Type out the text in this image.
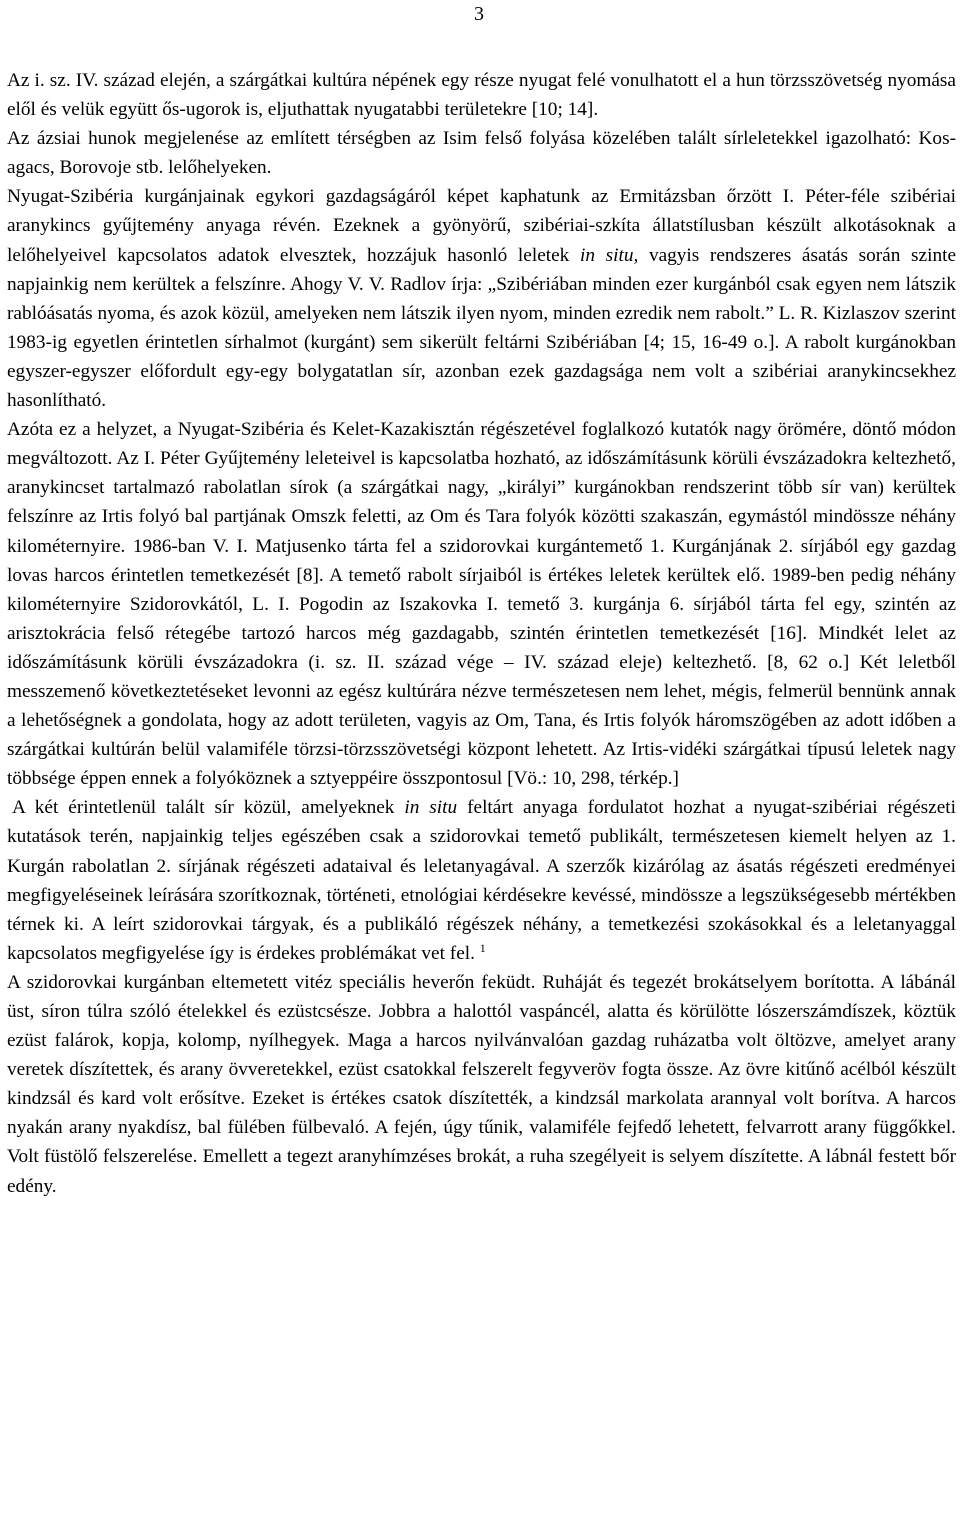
3

Az i. sz. IV. század elején, a szárgátkai kultúra népének egy része nyugat felé vonulhatott el a hun törzsszövetség nyomása elől és velük együtt ős-ugorok is, eljuthattak nyugatabbi területekre [10; 14].

Az ázsiai hunok megjelenése az említett térségben az Isim felső folyása közelében talált sírleletekkel igazolható: Kos-agacs, Borovoje stb. lelőhelyeken.

Nyugat-Szibéria kurgánjainak egykori gazdagságáról képet kaphatunk az Ermitázsban őrzött I. Péter-féle szibériai aranykincs gyűjtemény anyaga révén. Ezeknek a gyönyörű, szibériai-szkíta állatstílusban készült alkotásoknak a lelőhelyeivel kapcsolatos adatok elvesztek, hozzájuk hasonló leletek in situ, vagyis rendszeres ásatás során szinte napjainkig nem kerültek a felszínre. Ahogy V. V. Radlov írja: „Szibériában minden ezer kurgánból csak egyen nem látszik rablóásatás nyoma, és azok közül, amelyeken nem látszik ilyen nyom, minden ezredik nem rabolt.” L. R. Kizlaszov szerint 1983-ig egyetlen érintetlen sírhalmot (kurgánt) sem sikerült feltárni Szibériában [4; 15, 16-49 o.]. A rabolt kurgánokban egyszer-egyszer előfordult egy-egy bolygatatlan sír, azonban ezek gazdagsága nem volt a szibériai aranykincsekhez hasonlítható.

Azóta ez a helyzet, a Nyugat-Szibéria és Kelet-Kazakisztán régészetével foglalkozó kutatók nagy örömére, döntő módon megváltozott. Az I. Péter Gyűjtemény leleteivel is kapcsolatba hozható, az időszámításunk körüli évszázadokra keltezhető, aranykincset tartalmazó rabolatlan sírok (a szárgátkai nagy, „királyi” kurgánokban rendszerint több sír van) kerültek felszínre az Irtis folyó bal partjának Omszk feletti, az Om és Tara folyók közötti szakaszán, egymástól mindössze néhány kilométernyire. 1986-ban V. I. Matjusenko tárta fel a szidorovkai kurgántemető 1. Kurgánjának 2. sírjából egy gazdag lovas harcos érintetlen temetkezését [8]. A temető rabolt sírjaiból is értékes leletek kerültek elő. 1989-ben pedig néhány kilométernyire Szidorovkától, L. I. Pogodin az Iszakovka I. temető 3. kurgánja 6. sírjából tárta fel egy, szintén az arisztokrácia felső rétegébe tartozó harcos még gazdagabb, szintén érintetlen temetkezését [16]. Mindkét lelet az időszámításunk körüli évszázadokra (i. sz. II. század vége – IV. század eleje) keltezhető. [8, 62 o.] Két leletből messzemenő következtetéseket levonni az egész kultúrára nézve természetesen nem lehet, mégis, felmerül bennünk annak a lehetőségnek a gondolata, hogy az adott területen, vagyis az Om, Tana, és Irtis folyók háromszögében az adott időben a szárgátkai kultúrán belül valamiféle törzsi-törzsszövetségi központ lehetett. Az Irtis-vidéki szárgátkai típusú leletek nagy többsége éppen ennek a folyóköznek a sztyeppéire összpontosul [Vö.: 10, 298, térkép.]

A két érintetlenül talált sír közül, amelyeknek in situ feltárt anyaga fordulatot hozhat a nyugat-szibériai régészeti kutatások terén, napjainkig teljes egészében csak a szidorovkai temető publikált, természetesen kiemelt helyen az 1. Kurgán rabolatlan 2. sírjának régészeti adataival és leletanyagával. A szerzők kizárólag az ásatás régészeti eredményei megfigyeléseinek leírására szorítkoznak, történeti, etnológiai kérdésekre kevéssé, mindössze a legszükségesebb mértékben térnek ki. A leírt szidorovkai tárgyak, és a publikáló régészek néhány, a temetkezési szokásokkal és a leletanyaggal kapcsolatos megfigyelése így is érdekes problémákat vet fel. $^1$

A szidorovkai kurgánban eltemetett vitéz speciális heverőn feküdt. Ruháját és tegezét brokátselyem borította. A lábánál üst, síron túlra szóló ételekkel és ezüstcsésze. Jobbra a halottól vaspáncél, alatta és körülötte lószerszámdíszek, köztük ezüst falárok, kopja, kolomp, nyílhegyek. Maga a harcos nyilvánvalóan gazdag ruházatba volt öltözve, amelyet arany veretek díszítettek, és arany övveretekkel, ezüst csatokkal felszerelt fegyveröv fogta össze. Az övre kitűnő acélból készült kindzsál és kard volt erősítve. Ezeket is értékes csatok díszítették, a kindzsál markolata arannyal volt borítva. A harcos nyakán arany nyakdísz, bal fülében fülbevaló. A fején, úgy tűnik, valamiféle fejfedő lehetett, felvarrott arany függőkkel. Volt füstölő felszerelése. Emellett a tegezt aranyhímzéses brokát, a ruha szegélyeit is selyem díszítette. A lábnál festett bőr edény.
